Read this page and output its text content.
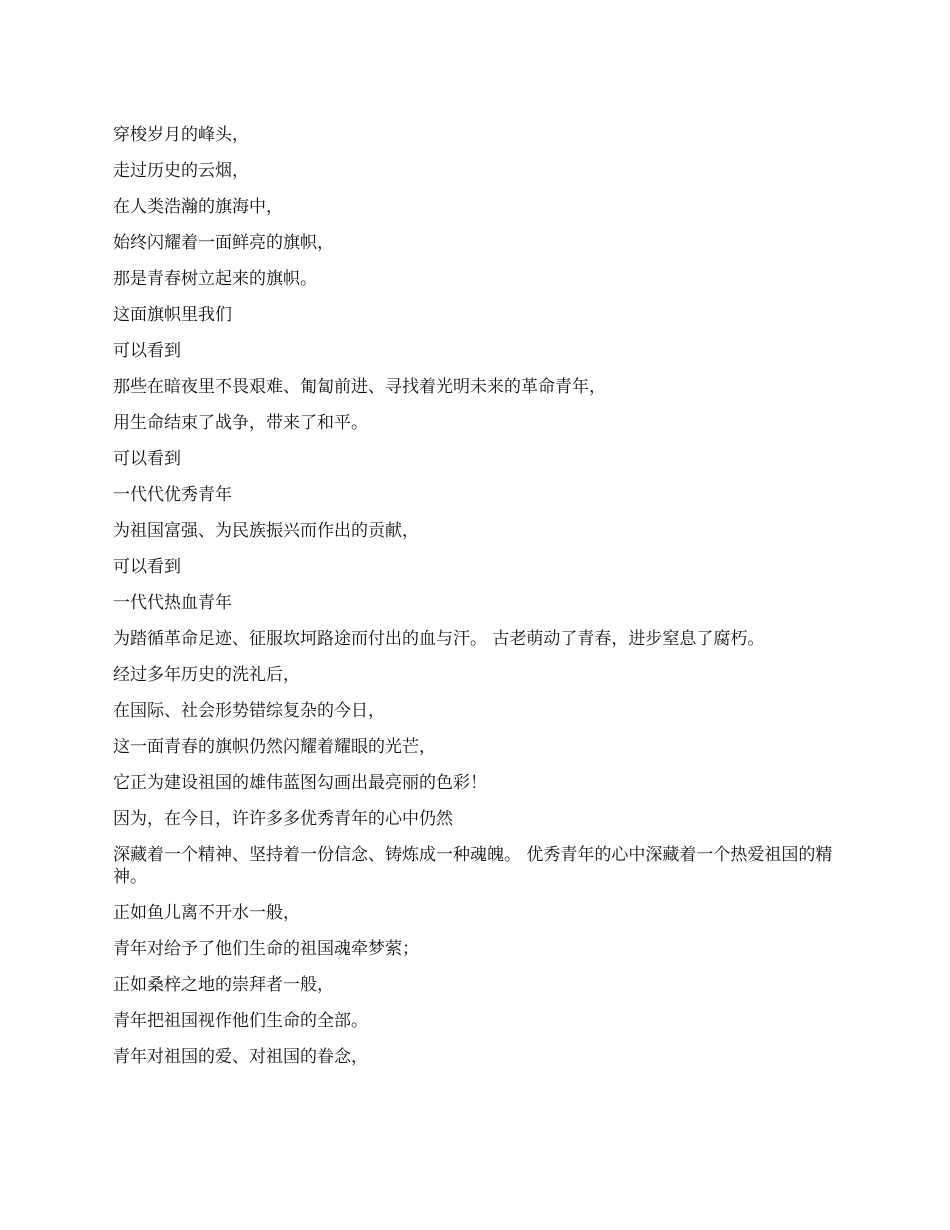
穿梭岁月的峰头，

走过历史的云烟，

在人类浩瀚的旗海中，

始终闪耀着一面鲜亮的旗帜，

那是青春树立起来的旗帜。

这面旗帜里我们

可以看到

那些在暗夜里不畏艰难、匍匐前进、寻找着光明未来的革命青年，

用生命结束了战争，带来了和平。

可以看到

一代代优秀青年

为祖国富强、为民族振兴而作出的贡献，

可以看到

一代代热血青年

为踏循革命足迹、征服坎坷路途而付出的血与汗。 古老萌动了青春，进步窒息了腐朽。

经过多年历史的洗礼后，

在国际、社会形势错综复杂的今日，

这一面青春的旗帜仍然闪耀着耀眼的光芒，

它正为建设祖国的雄伟蓝图勾画出最亮丽的色彩！

因为，在今日，许许多多优秀青年的心中仍然

深藏着一个精神、坚持着一份信念、铸炼成一种魂魄。 优秀青年的心中深藏着一个热爱祖国的精神。

正如鱼儿离不开水一般，

青年对给予了他们生命的祖国魂牵梦萦；

正如桑梓之地的崇拜者一般，

青年把祖国视作他们生命的全部。

青年对祖国的爱、对祖国的眷念，
